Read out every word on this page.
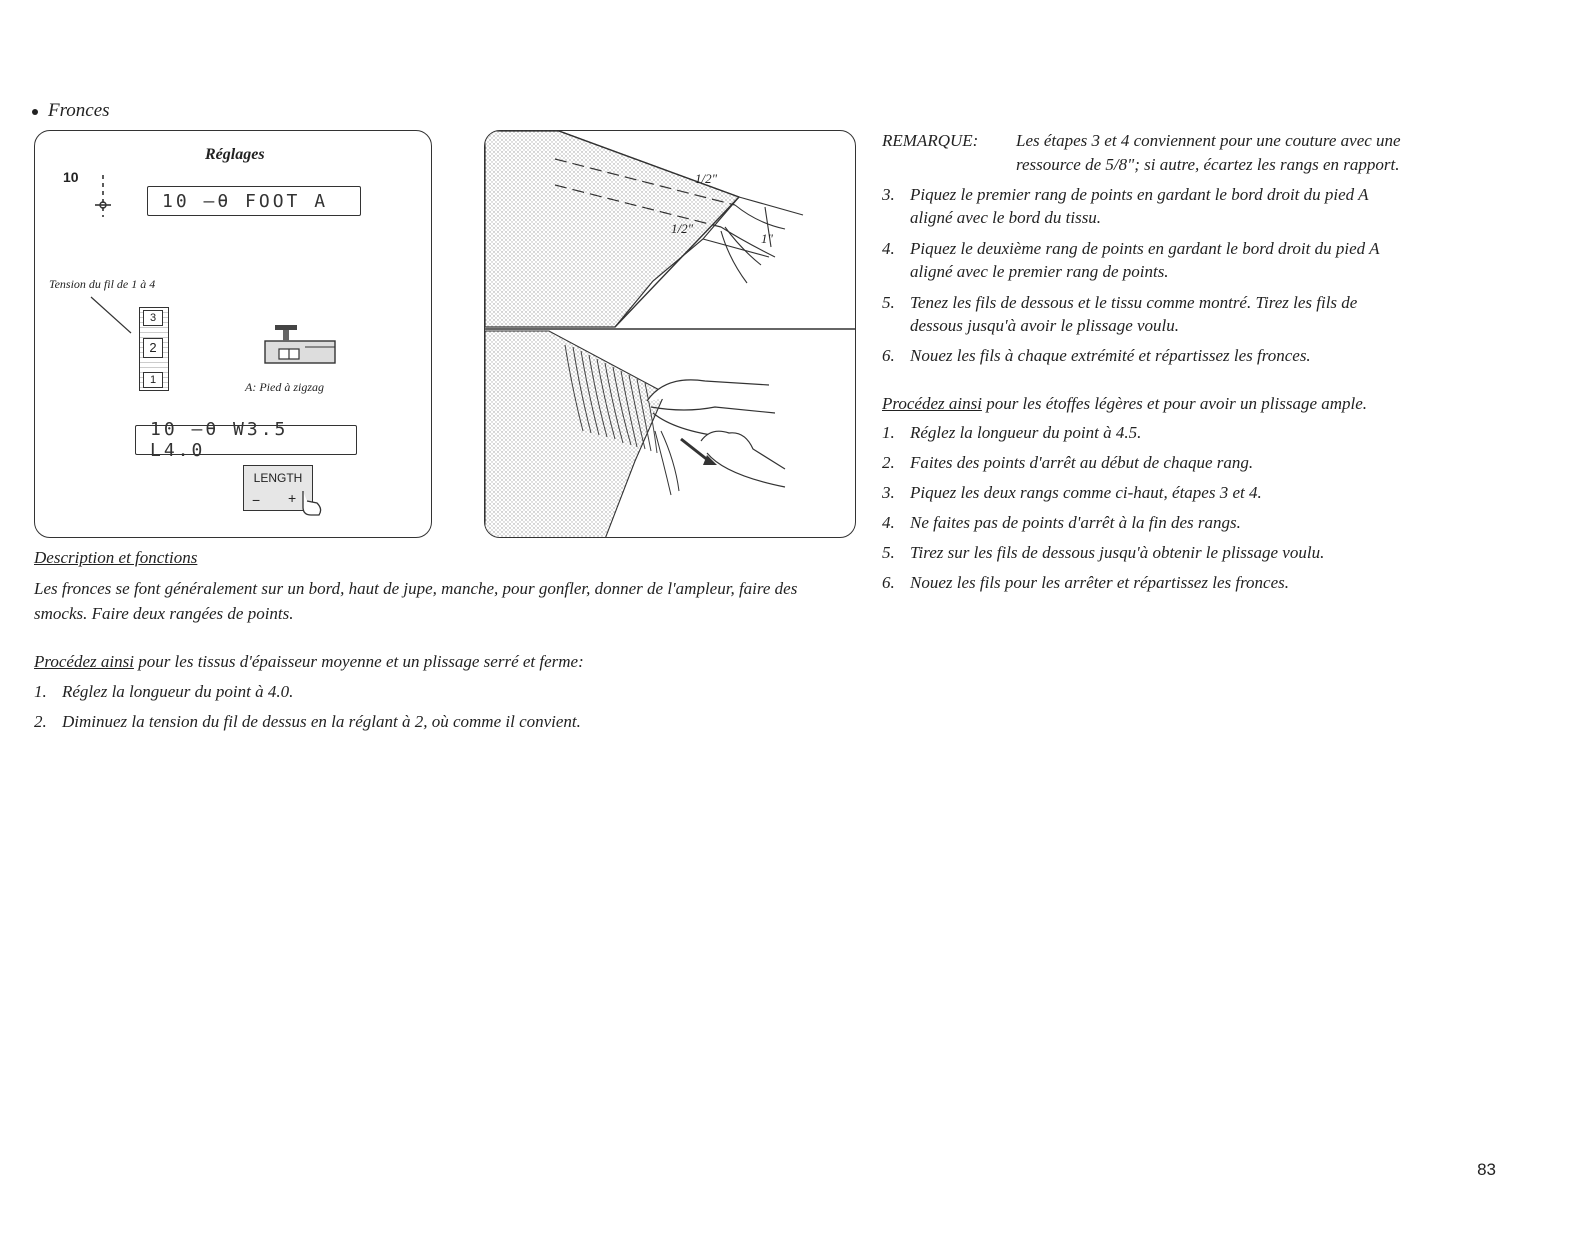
Fronces
Réglages
10
10 ―θ FOOT A
Tension du fil de 1 à 4
3
2
1	A: Pied à zigzag
10 ―θ W3.5 L4.0
LENGTH
− +
1/2"
1/2"
1"
Description et fonctions
Les fronces se font généralement sur un bord, haut de jupe, manche, pour gonfler, donner de l'ampleur, faire des smocks. Faire deux rangées de points.
Procédez ainsi pour les tissus d'épaisseur moyenne et un plissage serré et ferme:
1. Réglez la longueur du point à 4.0.
2. Diminuez la tension du fil de dessus en la réglant à 2, où comme il convient.
REMARQUE: Les étapes 3 et 4 conviennent pour une couture avec une
ressource de 5/8"; si autre, écartez les rangs en rapport.
3. Piquez le premier rang de points en gardant le bord droit du pied A
aligné avec le bord du tissu.
4. Piquez le deuxième rang de points en gardant le bord droit du pied A
aligné avec le premier rang de points.
5. Tenez les fils de dessous et le tissu comme montré. Tirez les fils de
dessous jusqu'à avoir le plissage voulu.
6. Nouez les fils à chaque extrémité et répartissez les fronces.
Procédez ainsi pour les étoffes légères et pour avoir un plissage ample.
1. Réglez la longueur du point à 4.5.
2. Faites des points d'arrêt au début de chaque rang.
3. Piquez les deux rangs comme ci-haut, étapes 3 et 4.
4. Ne faites pas de points d'arrêt à la fin des rangs.
5. Tirez sur les fils de dessous jusqu'à obtenir le plissage voulu.
6. Nouez les fils pour les arrêter et répartissez les fronces.
83
